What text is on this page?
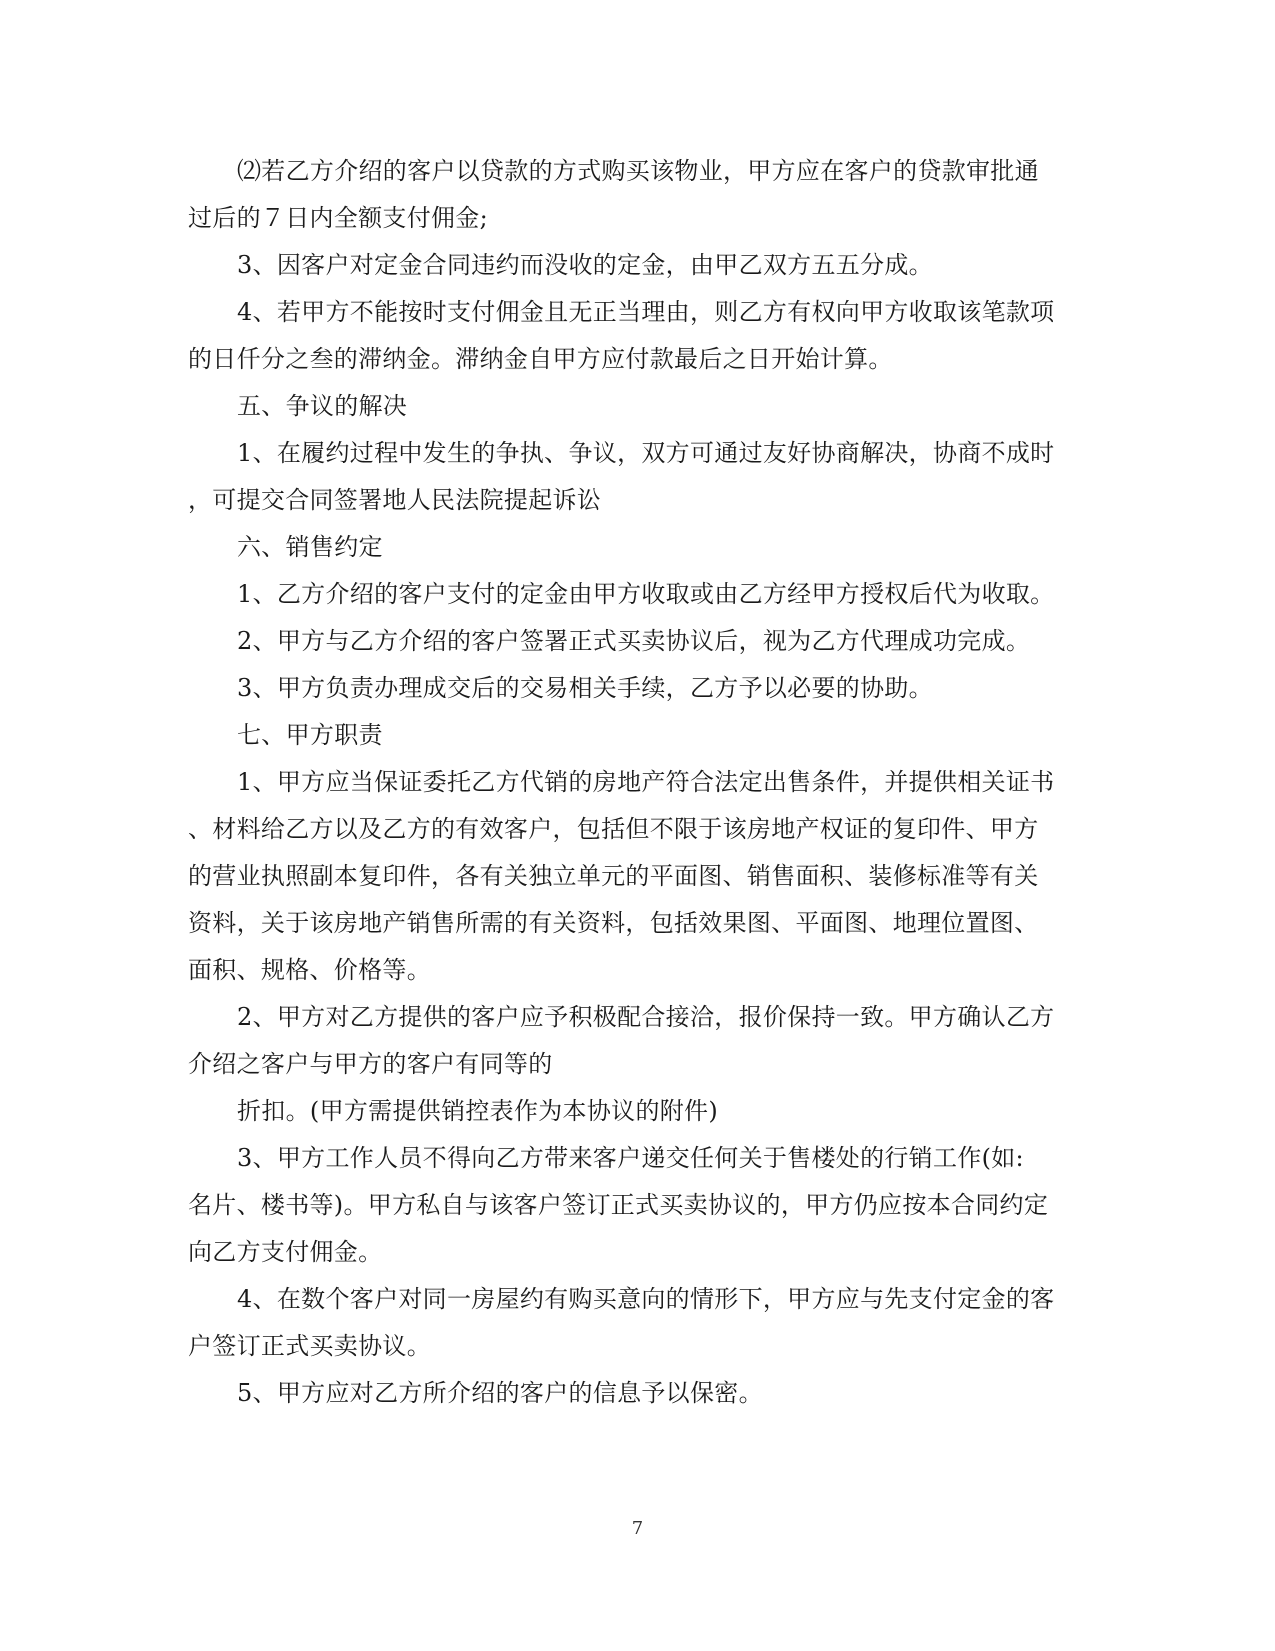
⑵若乙方介绍的客户以贷款的方式购买该物业，甲方应在客户的贷款审批通
过后的７日内全额支付佣金;
3、因客户对定金合同违约而没收的定金，由甲乙双方五五分成。
4、若甲方不能按时支付佣金且无正当理由，则乙方有权向甲方收取该笔款项
的日仟分之叁的滞纳金。滞纳金自甲方应付款最后之日开始计算。
五、争议的解决
1、在履约过程中发生的争执、争议，双方可通过友好协商解决，协商不成时
，可提交合同签署地人民法院提起诉讼
六、销售约定
1、乙方介绍的客户支付的定金由甲方收取或由乙方经甲方授权后代为收取。
2、甲方与乙方介绍的客户签署正式买卖协议后，视为乙方代理成功完成。
3、甲方负责办理成交后的交易相关手续，乙方予以必要的协助。
七、甲方职责
1、甲方应当保证委托乙方代销的房地产符合法定出售条件，并提供相关证书
、材料给乙方以及乙方的有效客户，包括但不限于该房地产权证的复印件、甲方
的营业执照副本复印件，各有关独立单元的平面图、销售面积、装修标准等有关
资料，关于该房地产销售所需的有关资料，包括效果图、平面图、地理位置图、
面积、规格、价格等。
2、甲方对乙方提供的客户应予积极配合接洽，报价保持一致。甲方确认乙方
介绍之客户与甲方的客户有同等的
折扣。(甲方需提供销控表作为本协议的附件)
3、甲方工作人员不得向乙方带来客户递交任何关于售楼处的行销工作(如:
名片、楼书等)。甲方私自与该客户签订正式买卖协议的，甲方仍应按本合同约定
向乙方支付佣金。
4、在数个客户对同一房屋约有购买意向的情形下，甲方应与先支付定金的客
户签订正式买卖协议。
5、甲方应对乙方所介绍的客户的信息予以保密。
7
